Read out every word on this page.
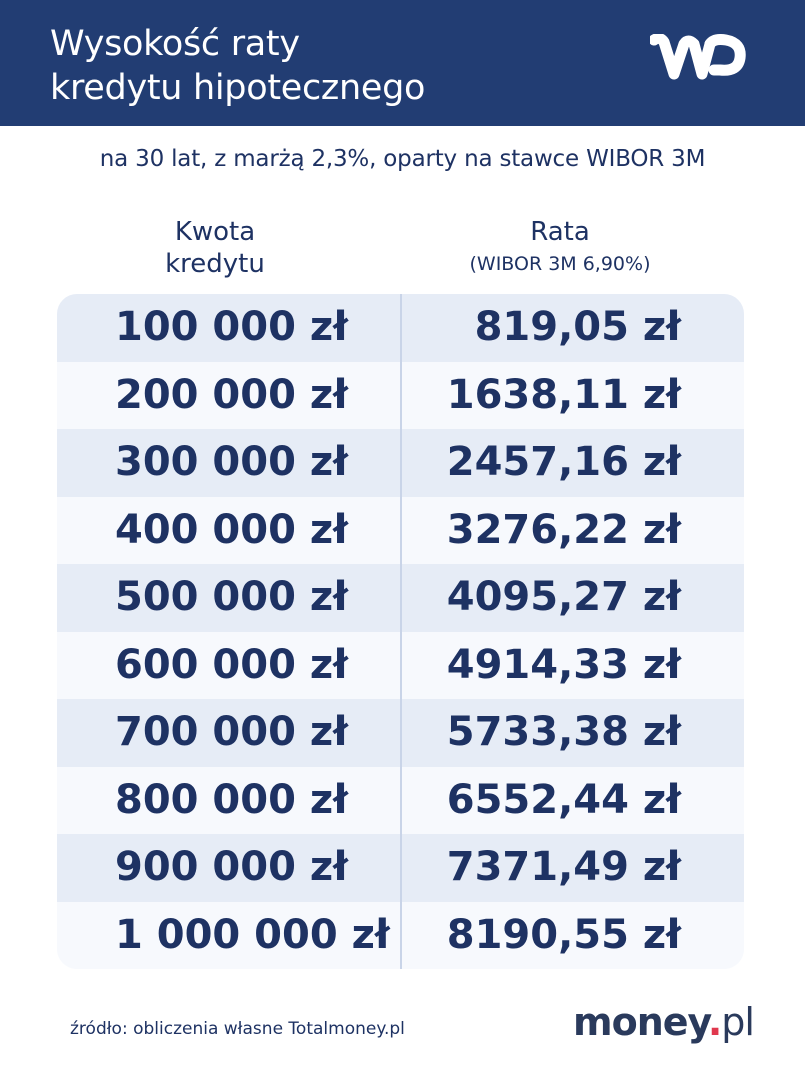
Wysokość raty
kredytu hipotecznego
na 30 lat, z marżą 2,3%, oparty na stawce WIBOR 3M
Kwota
kredytu
Rata
(WIBOR 3M 6,90%)
100 000 zł	819,05 zł
200 000 zł 1638,11 zł
300 000 zł 2457,16 zł
400 000 zł 3276,22 zł
500 000 zł 4095,27 zł
600 000 zł 4914,33 zł
700 000 zł 5733,38 zł
800 000 zł 6552,44 zł
900 000 zł 7371,49 zł
1 000 000 zł 8190,55 zł
źródło: obliczenia własne Totalmoney.pl	money.pl
